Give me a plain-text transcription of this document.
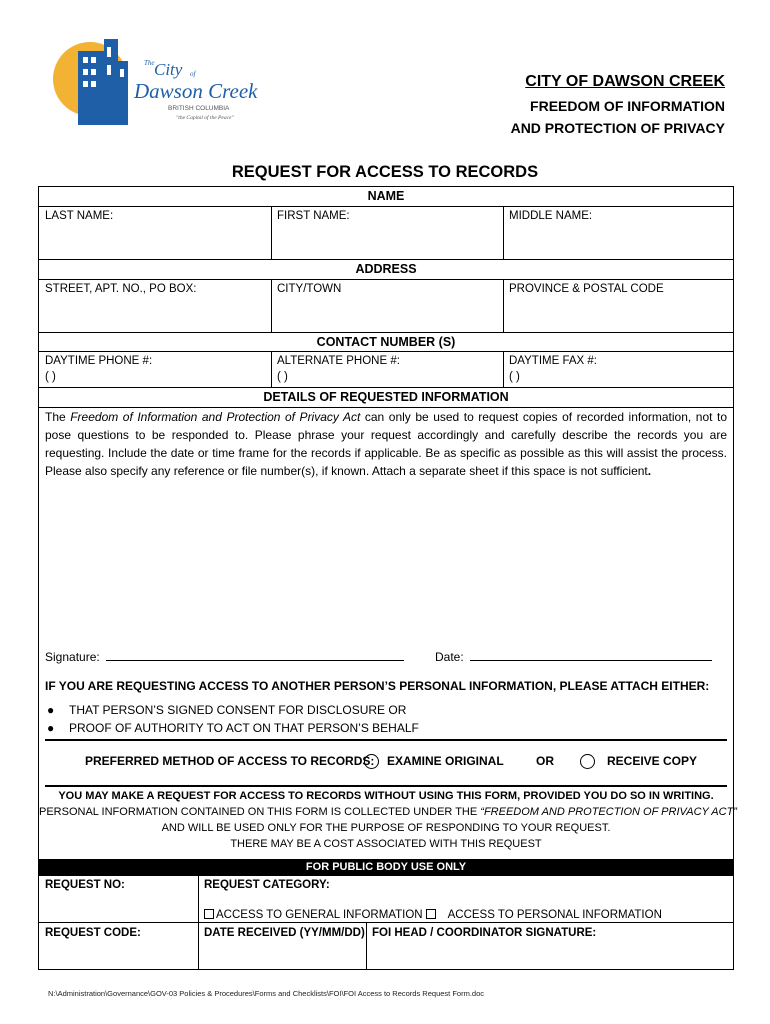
The City of
Dawson Creek
BRITISH COLUMBIA
"the Capital of the Peace"
CITY OF DAWSON CREEK
FREEDOM OF INFORMATION
AND PROTECTION OF PRIVACY
REQUEST FOR ACCESS TO RECORDS
NAME
LAST NAME:	FIRST NAME:	MIDDLE NAME:
ADDRESS
STREET, APT. NO., PO BOX:	CITY/TOWN	PROVINCE & POSTAL CODE
CONTACT NUMBER (S)
DAYTIME PHONE #:	ALTERNATE PHONE #:	DAYTIME FAX #:
( )	( )	( )
DETAILS OF REQUESTED INFORMATION
The Freedom of Information and Protection of Privacy Act can only be used to request copies of recorded information, not to pose questions to be responded to. Please phrase your request accordingly and carefully describe the records you are requesting. Include the date or time frame for the records if applicable. Be as specific as possible as this will assist the process. Please also specify any reference or file number(s), if known. Attach a separate sheet if this space is not sufficient.
Signature:	Date:
IF YOU ARE REQUESTING ACCESS TO ANOTHER PERSON’S PERSONAL INFORMATION, PLEASE ATTACH EITHER:
● THAT PERSON’S SIGNED CONSENT FOR DISCLOSURE OR
● PROOF OF AUTHORITY TO ACT ON THAT PERSON’S BEHALF
PREFERRED METHOD OF ACCESS TO RECORDS: EXAMINE ORIGINAL	OR	RECEIVE COPY
YOU MAY MAKE A REQUEST FOR ACCESS TO RECORDS WITHOUT USING THIS FORM, PROVIDED YOU DO SO IN WRITING.
PERSONAL INFORMATION CONTAINED ON THIS FORM IS COLLECTED UNDER THE “FREEDOM AND PROTECTION OF PRIVACY ACT”
AND WILL BE USED ONLY FOR THE PURPOSE OF RESPONDING TO YOUR REQUEST.
THERE MAY BE A COST ASSOCIATED WITH THIS REQUEST
FOR PUBLIC BODY USE ONLY
REQUEST NO:	REQUEST CATEGORY:
ACCESS TO GENERAL INFORMATION	ACCESS TO PERSONAL INFORMATION
REQUEST CODE:	DATE RECEIVED (YY/MM/DD) FOI HEAD / COORDINATOR SIGNATURE:
N:\Administration\Governance\GOV-03 Policies & Procedures\Forms and Checklists\FOI\FOI Access to Records Request Form.doc
